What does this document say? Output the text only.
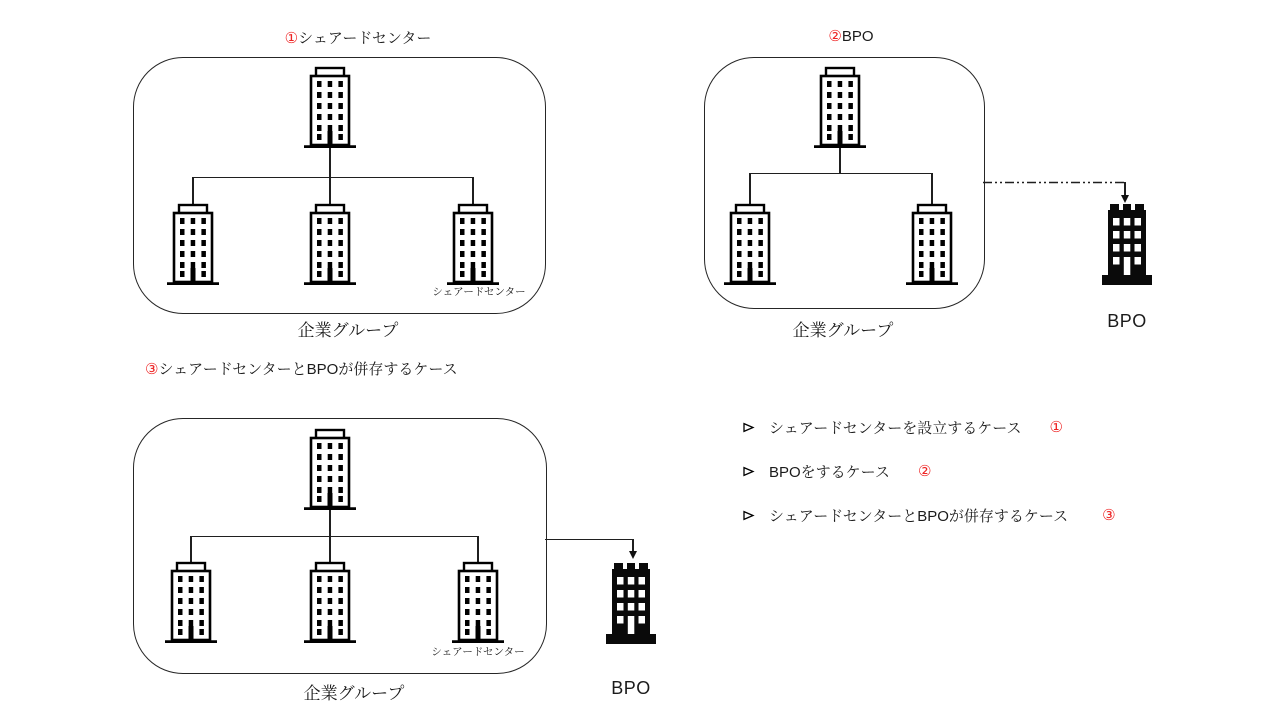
①シェアードセンター
シェアードセンター
企業グループ
②BPO
BPO
企業グループ
③シェアードセンターとBPOが併存するケース
シェアードセンター
企業グループ	BPO
シェアードセンターを設立するケース ①
BPOをするケース ②
シェアードセンターとBPOが併存するケース ③
